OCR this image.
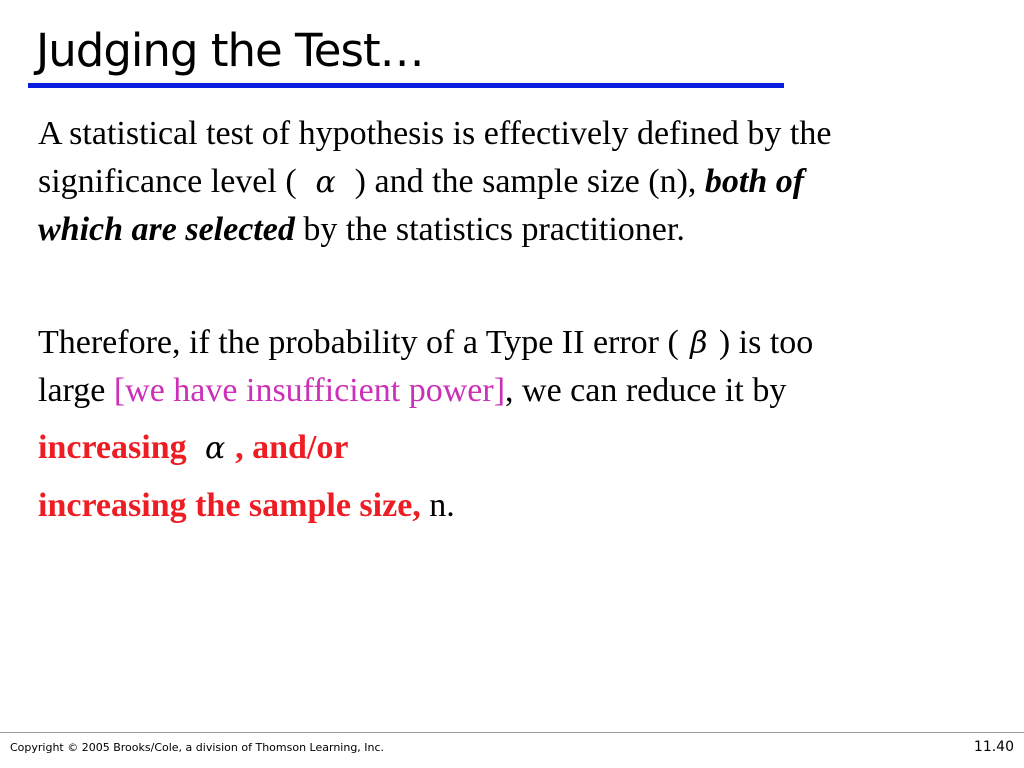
Judging the Test…

A statistical test of hypothesis is effectively defined by the
significance level ( α ) and the sample size (n), both of
which are selected by the statistics practitioner.

Therefore, if the probability of a Type II error ( β ) is too
large [we have insufficient power], we can reduce it by

increasing α , and/or

increasing the sample size, n.

Copyright © 2005 Brooks/Cole, a division of Thomson Learning, Inc.	11.40
